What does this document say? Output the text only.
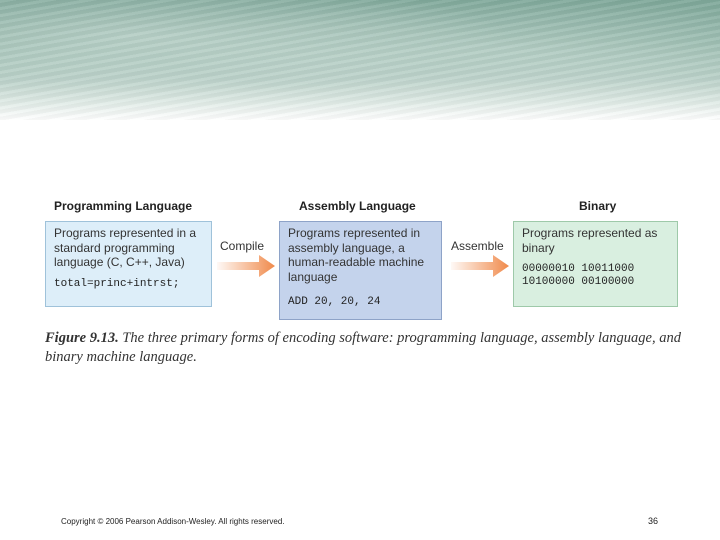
Programming Language	Assembly Language	Binary
Programs represented in a standard programming language (C, C++, Java)
total=princ+intrst;
Compile
Programs represented in assembly language, a human-readable machine language
ADD 20, 20, 24
Assemble
Programs represented as binary
00000010 10011000
10100000 00100000
Figure 9.13. The three primary forms of encoding software: programming language, assembly language, and binary machine language.
Copyright © 2006 Pearson Addison-Wesley. All rights reserved.	36
